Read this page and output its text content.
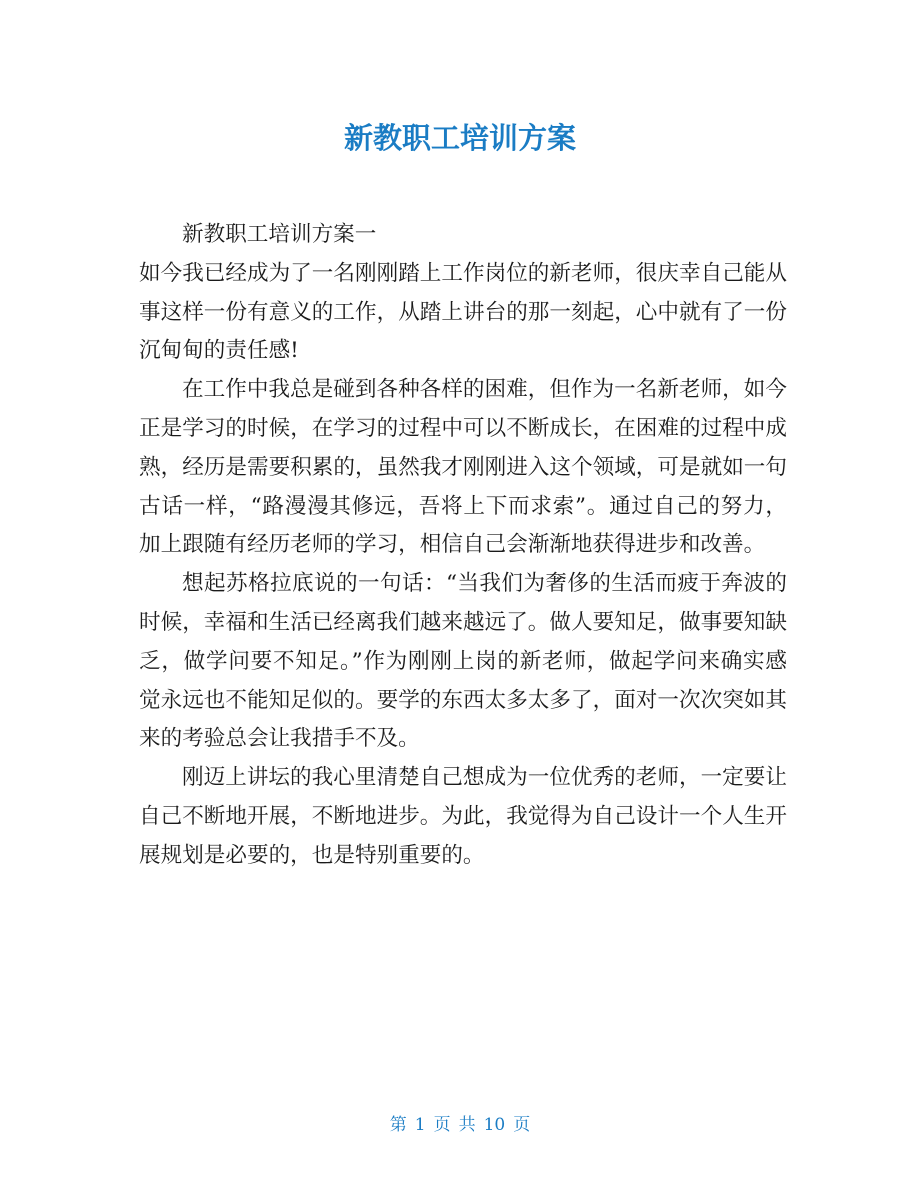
新教职工培训方案

新教职工培训方案一

如今我已经成为了一名刚刚踏上工作岗位的新老师，很庆幸自己能从事这样一份有意义的工作，从踏上讲台的那一刻起，心中就有了一份沉甸甸的责任感!

在工作中我总是碰到各种各样的困难，但作为一名新老师，如今正是学习的时候，在学习的过程中可以不断成长，在困难的过程中成熟，经历是需要积累的，虽然我才刚刚进入这个领域，可是就如一句古话一样，“路漫漫其修远，吾将上下而求索”。通过自己的努力，加上跟随有经历老师的学习，相信自己会渐渐地获得进步和改善。

想起苏格拉底说的一句话：“当我们为奢侈的生活而疲于奔波的时候，幸福和生活已经离我们越来越远了。做人要知足，做事要知缺乏，做学问要不知足。”作为刚刚上岗的新老师，做起学问来确实感觉永远也不能知足似的。要学的东西太多太多了，面对一次次突如其来的考验总会让我措手不及。

刚迈上讲坛的我心里清楚自己想成为一位优秀的老师，一定要让自己不断地开展，不断地进步。为此，我觉得为自己设计一个人生开展规划是必要的，也是特别重要的。

第 1 页 共 10 页
